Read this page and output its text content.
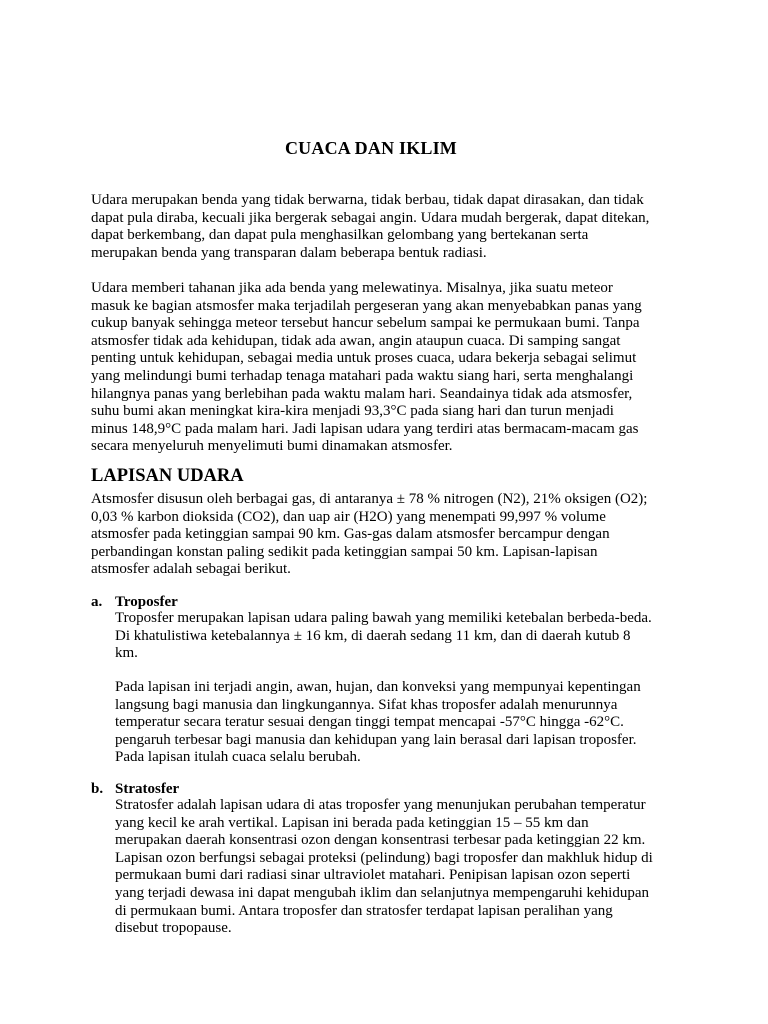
CUACA DAN IKLIM
Udara merupakan benda yang tidak berwarna, tidak berbau, tidak dapat dirasakan, dan tidak
dapat pula diraba, kecuali jika bergerak sebagai angin. Udara mudah bergerak, dapat ditekan,
dapat berkembang, dan dapat pula menghasilkan gelombang yang bertekanan serta
merupakan benda yang transparan dalam beberapa bentuk radiasi.
Udara memberi tahanan jika ada benda yang melewatinya. Misalnya, jika suatu meteor
masuk ke bagian atsmosfer maka terjadilah pergeseran yang akan menyebabkan panas yang
cukup banyak sehingga meteor tersebut hancur sebelum sampai ke permukaan bumi. Tanpa
atsmosfer tidak ada kehidupan, tidak ada awan, angin ataupun cuaca. Di samping sangat
penting untuk kehidupan, sebagai media untuk proses cuaca, udara bekerja sebagai selimut
yang melindungi bumi terhadap tenaga matahari pada waktu siang hari, serta menghalangi
hilangnya panas yang berlebihan pada waktu malam hari. Seandainya tidak ada atsmosfer,
suhu bumi akan meningkat kira-kira menjadi 93,3°C pada siang hari dan turun menjadi
minus 148,9°C pada malam hari. Jadi lapisan udara yang terdiri atas bermacam-macam gas
secara menyeluruh menyelimuti bumi dinamakan atsmosfer.
LAPISAN UDARA
Atsmosfer disusun oleh berbagai gas, di antaranya ± 78 % nitrogen (N2), 21% oksigen (O2);
0,03 % karbon dioksida (CO2), dan uap air (H2O) yang menempati 99,997 % volume
atsmosfer pada ketinggian sampai 90 km. Gas-gas dalam atsmosfer bercampur dengan
perbandingan konstan paling sedikit pada ketinggian sampai 50 km. Lapisan-lapisan
atsmosfer adalah sebagai berikut.
a. Troposfer
Troposfer merupakan lapisan udara paling bawah yang memiliki ketebalan berbeda-beda.
Di khatulistiwa ketebalannya ± 16 km, di daerah sedang 11 km, dan di daerah kutub 8
km.
Pada lapisan ini terjadi angin, awan, hujan, dan konveksi yang mempunyai kepentingan
langsung bagi manusia dan lingkungannya. Sifat khas troposfer adalah menurunnya
temperatur secara teratur sesuai dengan tinggi tempat mencapai -57°C hingga -62°C.
pengaruh terbesar bagi manusia dan kehidupan yang lain berasal dari lapisan troposfer.
Pada lapisan itulah cuaca selalu berubah.
b. Stratosfer
Stratosfer adalah lapisan udara di atas troposfer yang menunjukan perubahan temperatur
yang kecil ke arah vertikal. Lapisan ini berada pada ketinggian 15 – 55 km dan
merupakan daerah konsentrasi ozon dengan konsentrasi terbesar pada ketinggian 22 km.
Lapisan ozon berfungsi sebagai proteksi (pelindung) bagi troposfer dan makhluk hidup di
permukaan bumi dari radiasi sinar ultraviolet matahari. Penipisan lapisan ozon seperti
yang terjadi dewasa ini dapat mengubah iklim dan selanjutnya mempengaruhi kehidupan
di permukaan bumi. Antara troposfer dan stratosfer terdapat lapisan peralihan yang
disebut tropopause.
